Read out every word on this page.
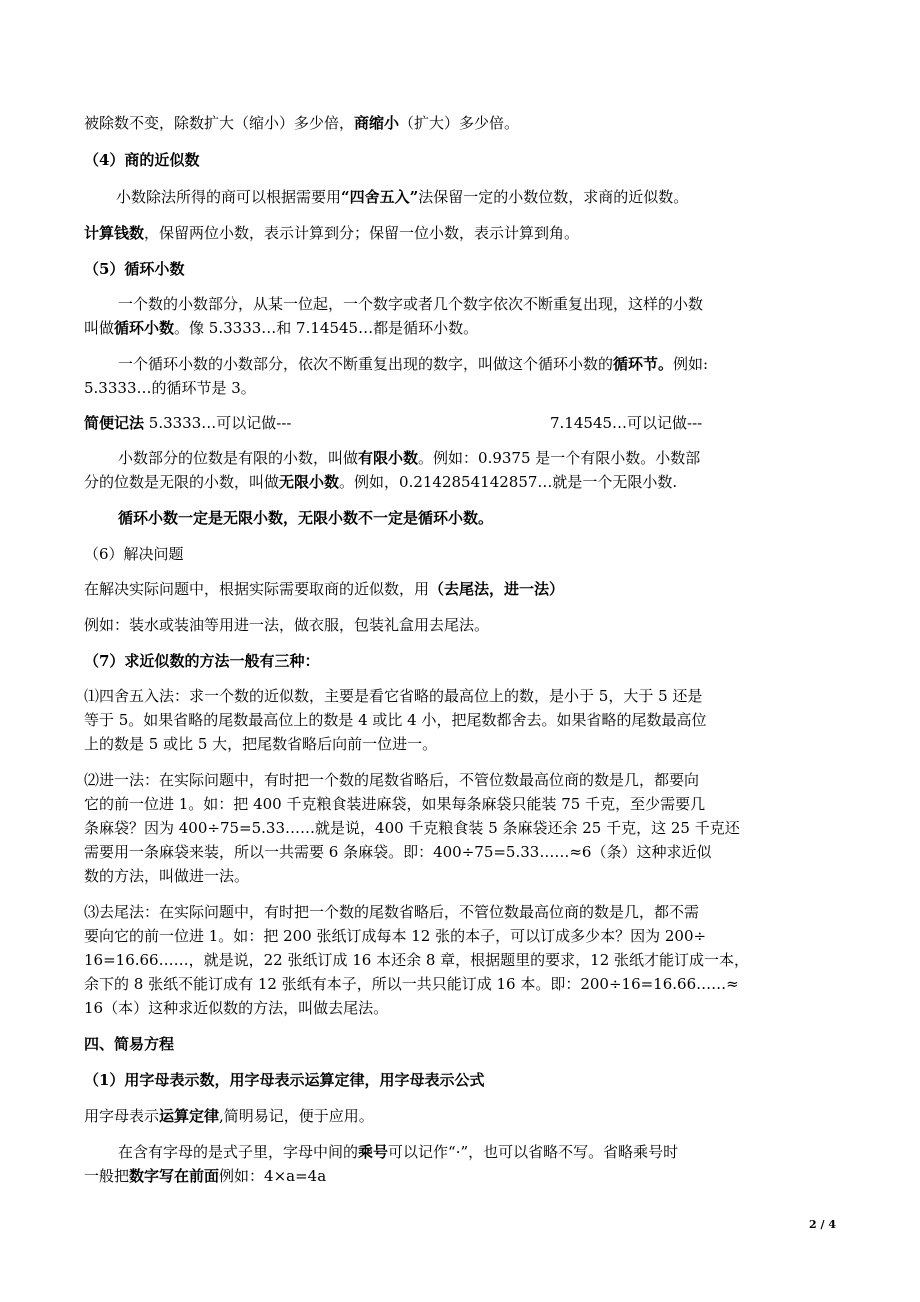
被除数不变，除数扩大（缩小）多少倍，商缩小（扩大）多少倍。
（4）商的近似数
小数除法所得的商可以根据需要用“四舍五入”法保留一定的小数位数，求商的近似数。
计算钱数，保留两位小数，表示计算到分；保留一位小数，表示计算到角。
（5）循环小数
一个数的小数部分，从某一位起，一个数字或者几个数字依次不断重复出现，这样的小数
叫做循环小数。像 5.3333…和 7.14545…都是循环小数。
一个循环小数的小数部分，依次不断重复出现的数字，叫做这个循环小数的循环节。例如:
5.3333…的循环节是 3。
简便记法 5.3333…可以记做---	7.14545…可以记做---
小数部分的位数是有限的小数，叫做有限小数。例如：0.9375 是一个有限小数。小数部
分的位数是无限的小数，叫做无限小数。例如，0.2142854142857…就是一个无限小数.
循环小数一定是无限小数，无限小数不一定是循环小数。
（6）解决问题
在解决实际问题中，根据实际需要取商的近似数，用（去尾法，进一法）
例如：装水或装油等用进一法，做衣服，包装礼盒用去尾法。
（7）求近似数的方法一般有三种：
⑴四舍五入法：求一个数的近似数，主要是看它省略的最高位上的数，是小于 5，大于 5 还是
等于 5。如果省略的尾数最高位上的数是 4 或比 4 小，把尾数都舍去。如果省略的尾数最高位
上的数是 5 或比 5 大，把尾数省略后向前一位进一。
⑵进一法：在实际问题中，有时把一个数的尾数省略后，不管位数最高位商的数是几，都要向
它的前一位进 1。如：把 400 千克粮食装进麻袋，如果每条麻袋只能装 75 千克，至少需要几
条麻袋？因为 400÷75=5.33……就是说，400 千克粮食装 5 条麻袋还余 25 千克，这 25 千克还
需要用一条麻袋来装，所以一共需要 6 条麻袋。即：400÷75=5.33……≈6（条）这种求近似
数的方法，叫做进一法。
⑶去尾法：在实际问题中，有时把一个数的尾数省略后，不管位数最高位商的数是几，都不需
要向它的前一位进 1。如：把 200 张纸订成每本 12 张的本子，可以订成多少本？因为 200÷
16=16.66……，就是说，22 张纸订成 16 本还余 8 章，根据题里的要求，12 张纸才能订成一本，
余下的 8 张纸不能订成有 12 张纸有本子，所以一共只能订成 16 本。即：200÷16=16.66……≈
16（本）这种求近似数的方法，叫做去尾法。
四、简易方程
（1）用字母表示数，用字母表示运算定律，用字母表示公式
用字母表示运算定律,简明易记，便于应用。
在含有字母的是式子里，字母中间的乘号可以记作“·”，也可以省略不写。省略乘号时
一般把数字写在前面例如：4×a=4a
2 / 4
